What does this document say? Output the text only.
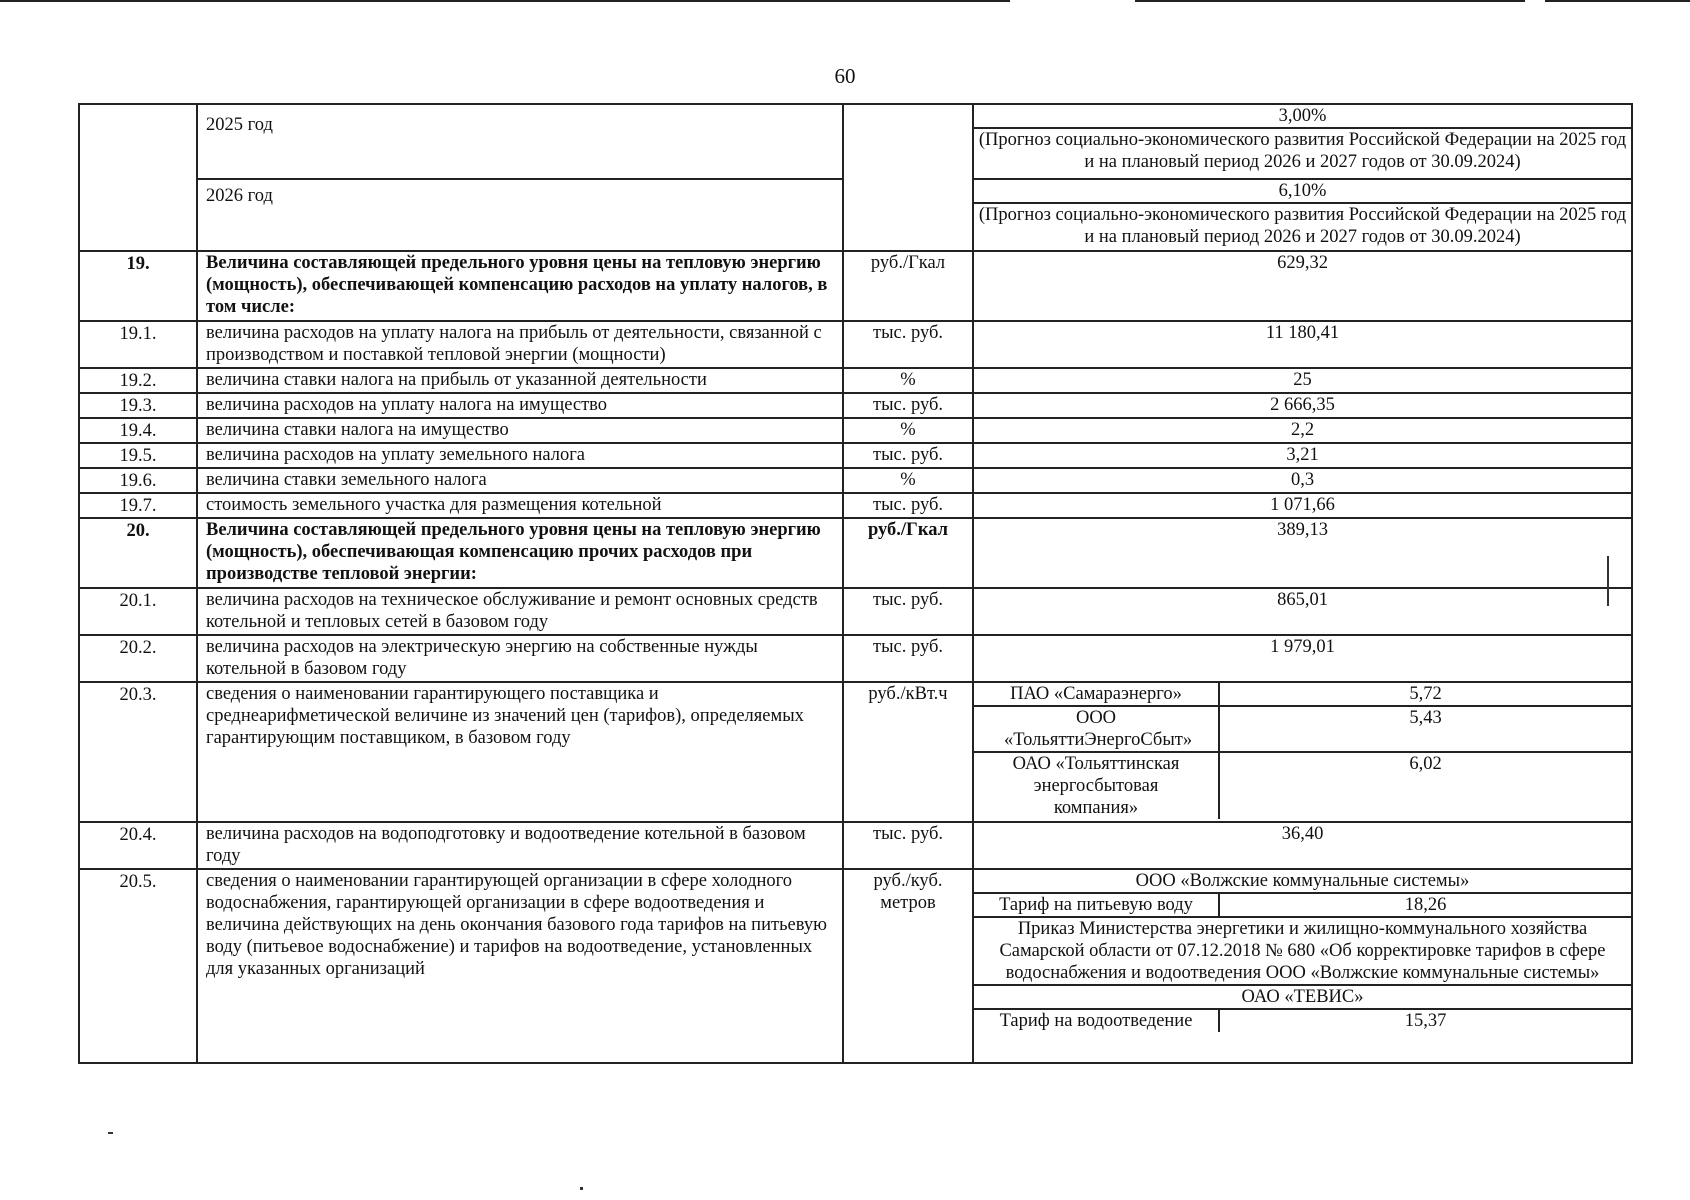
60
	2025 год			3,00%
(Прогноз социально-экономического развития Российской Федерации на 2025 год и на плановый период 2026 и 2027 годов от 30.09.2024)

	2026 год			6,10%
(Прогноз социально-экономического развития Российской Федерации на 2025 год и на плановый период 2026 и 2027 годов от 30.09.2024)

19.	Величина составляющей предельного уровня цены на тепловую энергию (мощность), обеспечивающей компенсацию расходов на уплату налогов, в том числе:	руб./Гкал	629,32
19.1.	величина расходов на уплату налога на прибыль от деятельности, связанной с производством и поставкой тепловой энергии (мощности)	тыс. руб.	11 180,41
19.2.	величина ставки налога на прибыль от указанной деятельности	%	25
19.3.	величина расходов на уплату налога на имущество	тыс. руб.	2 666,35
19.4.	величина ставки налога на имущество	%	2,2
19.5.	величина расходов на уплату земельного налога	тыс. руб.	3,21
19.6.	величина ставки земельного налога	%	0,3
19.7.	стоимость земельного участка для размещения котельной	тыс. руб.	1 071,66
20.	Величина составляющей предельного уровня цены на тепловую энергию (мощность), обеспечивающая компенсацию прочих расходов при производстве тепловой энергии:	руб./Гкал	389,13
20.1.	величина расходов на техническое обслуживание и ремонт основных средств котельной и тепловых сетей в базовом году	тыс. руб.	865,01
20.2.	величина расходов на электрическую энергию на собственные нужды котельной в базовом году	тыс. руб.	1 979,01
20.3.	сведения о наименовании гарантирующего поставщика и среднеарифметической величине из значений цен (тарифов), определяемых гарантирующим поставщиком, в базовом году	руб./кВт.ч		ПАО «Самараэнерго»	5,72
ООО «ТольяттиЭнергоСбыт»	5,43
ОАО «Тольяттинская энергосбытовая компания»	6,02

20.4.	величина расходов на водоподготовку и водоотведение котельной в базовом году	тыс. руб.	36,40
20.5.	сведения о наименовании гарантирующей организации в сфере холодного водоснабжения, гарантирующей организации в сфере водоотведения и величина действующих на день окончания базового года тарифов на питьевую воду (питьевое водоснабжение) и тарифов на водоотведение, установленных для указанных организаций	руб./куб. метров	
ООО «Волжские коммунальные системы»
Тариф на питьевую воду	18,26
Приказ Министерства энергетики и жилищно-коммунального хозяйства Самарской области от 07.12.2018 № 680 «Об корректировке тарифов в сфере водоснабжения и водоотведения ООО «Волжские коммунальные системы»
ОАО «ТЕВИС»
Тариф на водоотведение	15,37
